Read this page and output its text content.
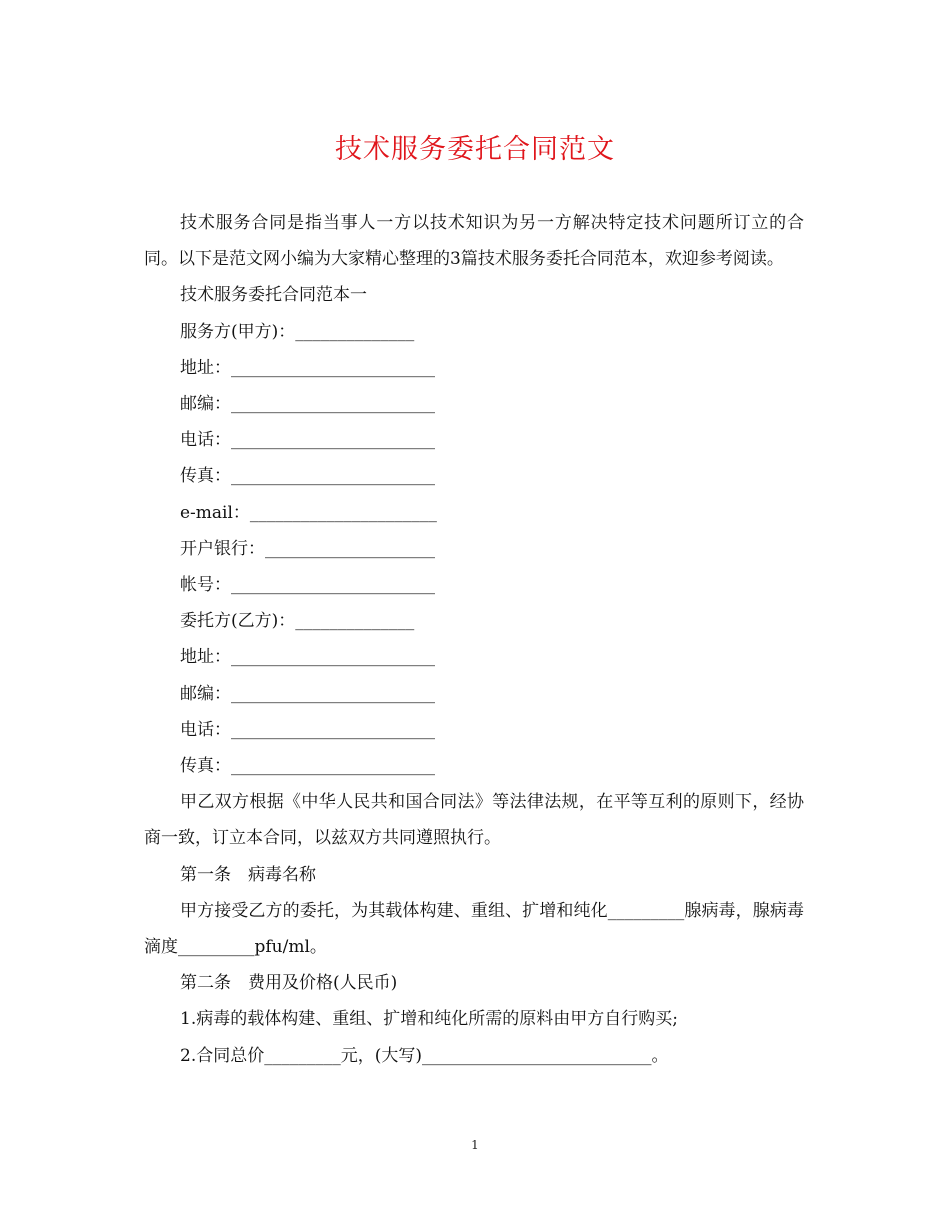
技术服务委托合同范文

技术服务合同是指当事人一方以技术知识为另一方解决特定技术问题所订立的合同。以下是范文网小编为大家精心整理的3篇技术服务委托合同范本，欢迎参考阅读。

技术服务委托合同范本一

服务方(甲方)：______________

地址：________________________

邮编：________________________

电话：________________________

传真：________________________

e-mail：______________________

开户银行：____________________

帐号：________________________

委托方(乙方)：______________

地址：________________________

邮编：________________________

电话：________________________

传真：________________________

甲乙双方根据《中华人民共和国合同法》等法律法规，在平等互利的原则下，经协商一致，订立本合同，以兹双方共同遵照执行。

第一条　病毒名称

甲方接受乙方的委托，为其载体构建、重组、扩增和纯化_________腺病毒，腺病毒滴度_________pfu/ml。

第二条　费用及价格(人民币)

1.病毒的载体构建、重组、扩增和纯化所需的原料由甲方自行购买;

2.合同总价_________元，(大写)___________________________。

1
